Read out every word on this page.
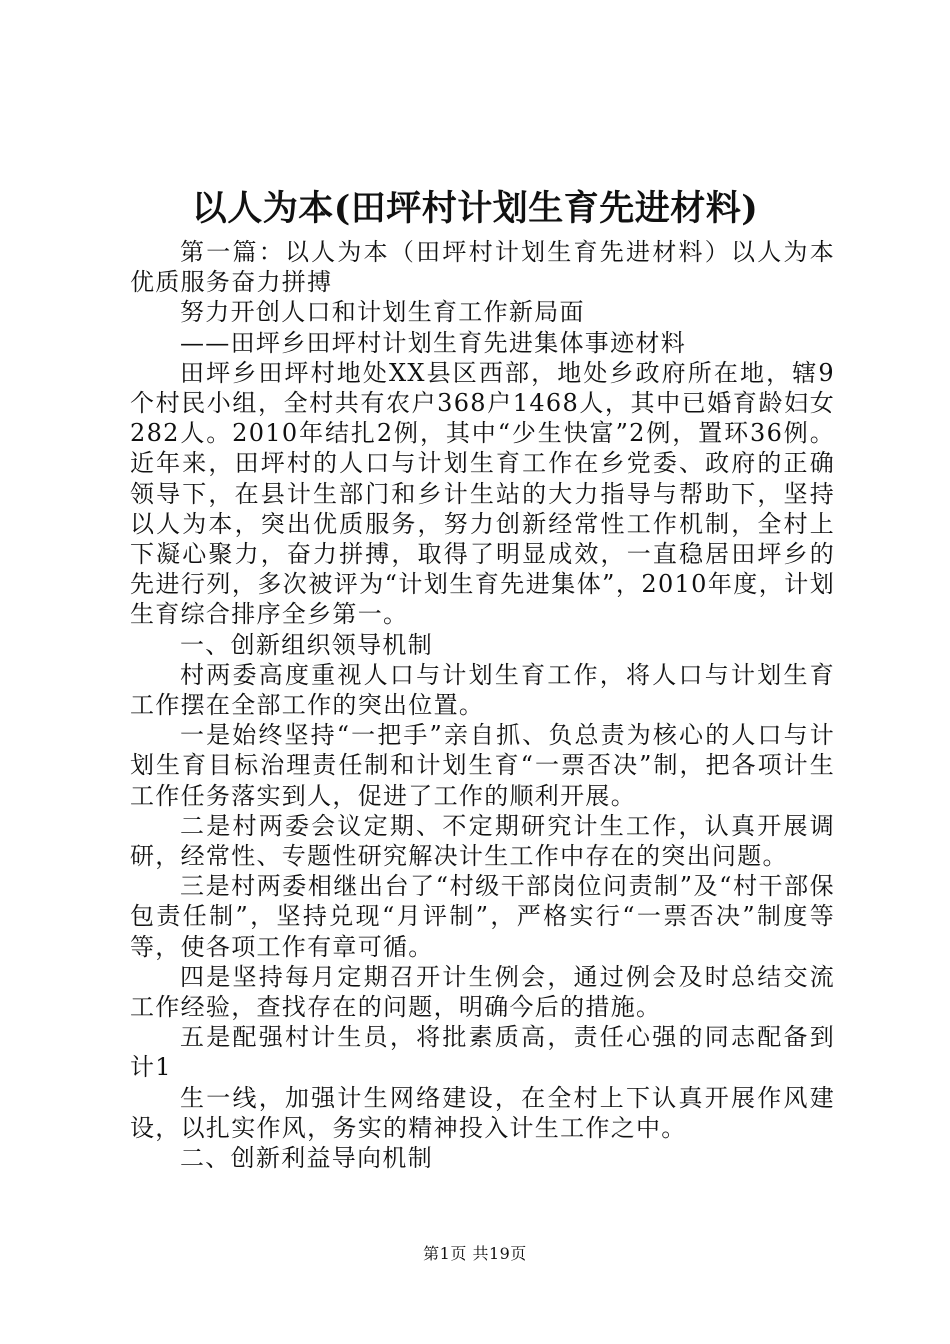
以人为本(田坪村计划生育先进材料)

第一篇：以人为本（田坪村计划生育先进材料）以人为本优质服务奋力拼搏

努力开创人口和计划生育工作新局面

——田坪乡田坪村计划生育先进集体事迹材料

田坪乡田坪村地处XX县区西部，地处乡政府所在地，辖9个村民小组，全村共有农户368户1468人，其中已婚育龄妇女282人。2010年结扎2例，其中“少生快富”2例，置环36例。近年来，田坪村的人口与计划生育工作在乡党委、政府的正确领导下，在县计生部门和乡计生站的大力指导与帮助下，坚持以人为本，突出优质服务，努力创新经常性工作机制，全村上下凝心聚力，奋力拼搏，取得了明显成效，一直稳居田坪乡的先进行列，多次被评为“计划生育先进集体”，2010年度，计划生育综合排序全乡第一。

一、创新组织领导机制

村两委高度重视人口与计划生育工作，将人口与计划生育工作摆在全部工作的突出位置。

一是始终坚持“一把手”亲自抓、负总责为核心的人口与计划生育目标治理责任制和计划生育“一票否决”制，把各项计生工作任务落实到人，促进了工作的顺利开展。

二是村两委会议定期、不定期研究计生工作，认真开展调研，经常性、专题性研究解决计生工作中存在的突出问题。

三是村两委相继出台了“村级干部岗位问责制”及“村干部保包责任制”，坚持兑现“月评制”，严格实行“一票否决”制度等等，使各项工作有章可循。

四是坚持每月定期召开计生例会，通过例会及时总结交流工作经验，查找存在的问题，明确今后的措施。

五是配强村计生员，将批素质高，责任心强的同志配备到计1

生一线，加强计生网络建设，在全村上下认真开展作风建设，以扎实作风，务实的精神投入计生工作之中。

二、创新利益导向机制

第1页 共19页
